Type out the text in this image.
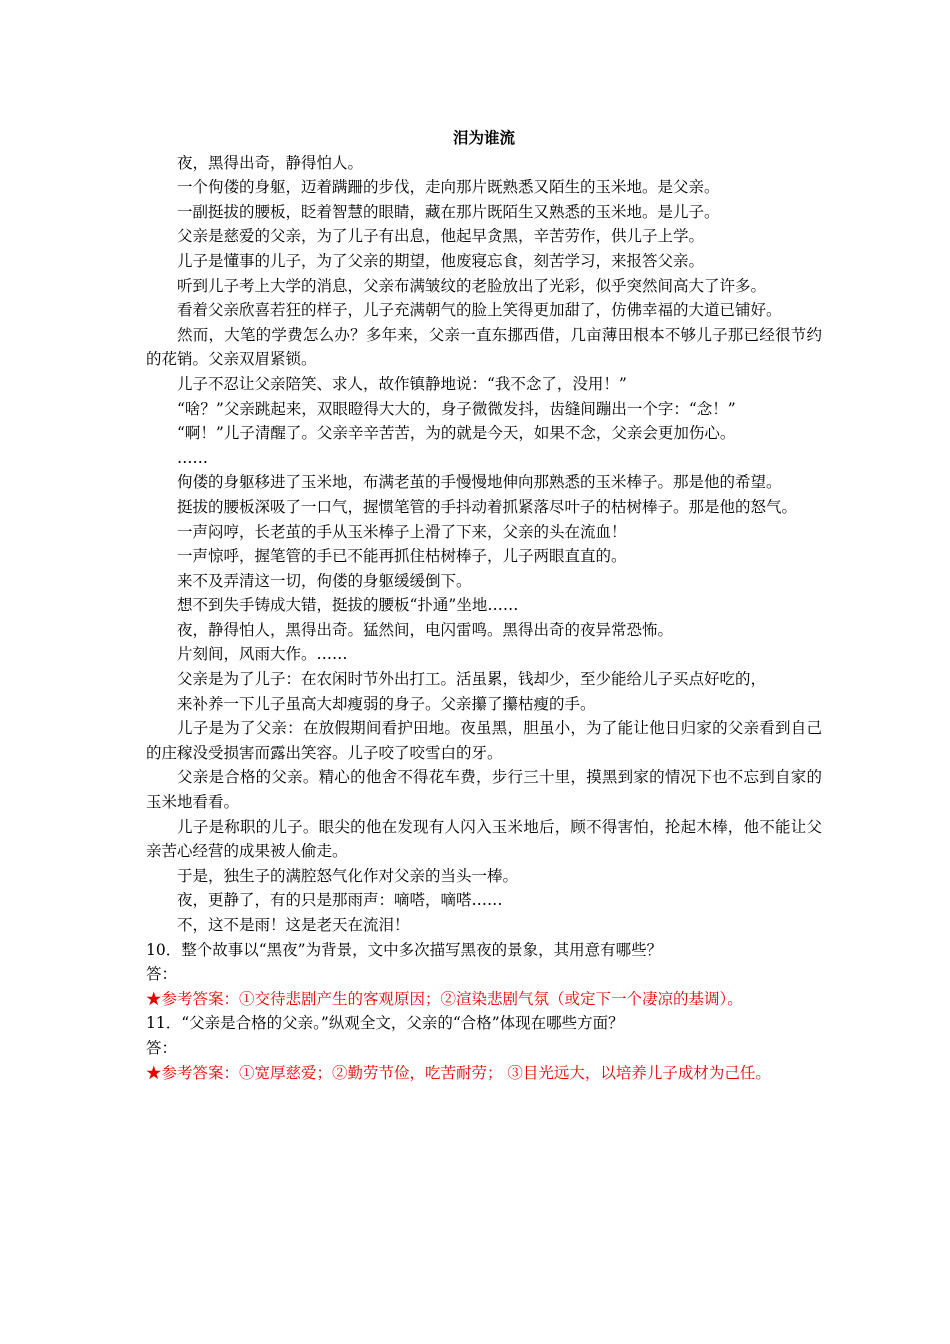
泪为谁流

夜，黑得出奇，静得怕人。

一个佝偻的身躯，迈着蹒跚的步伐，走向那片既熟悉又陌生的玉米地。是父亲。

一副挺拔的腰板，眨着智慧的眼睛，藏在那片既陌生又熟悉的玉米地。是儿子。

父亲是慈爱的父亲，为了儿子有出息，他起早贪黑，辛苦劳作，供儿子上学。

儿子是懂事的儿子，为了父亲的期望，他废寝忘食，刻苦学习，来报答父亲。

听到儿子考上大学的消息，父亲布满皱纹的老脸放出了光彩，似乎突然间高大了许多。

看着父亲欣喜若狂的样子，儿子充满朝气的脸上笑得更加甜了，仿佛幸福的大道已铺好。

然而，大笔的学费怎么办？多年来，父亲一直东挪西借，几亩薄田根本不够儿子那已经很节约的花销。父亲双眉紧锁。

儿子不忍让父亲陪笑、求人，故作镇静地说：“我不念了，没用！”

“啥？”父亲跳起来，双眼瞪得大大的，身子微微发抖，齿缝间蹦出一个字：“念！”

“啊！”儿子清醒了。父亲辛辛苦苦，为的就是今天，如果不念，父亲会更加伤心。

……

佝偻的身躯移进了玉米地，布满老茧的手慢慢地伸向那熟悉的玉米棒子。那是他的希望。

挺拔的腰板深吸了一口气，握惯笔管的手抖动着抓紧落尽叶子的枯树棒子。那是他的怒气。

一声闷哼，长老茧的手从玉米棒子上滑了下来，父亲的头在流血！

一声惊呼，握笔管的手已不能再抓住枯树棒子，儿子两眼直直的。

来不及弄清这一切，佝偻的身躯缓缓倒下。

想不到失手铸成大错，挺拔的腰板“扑通”坐地……

夜，静得怕人，黑得出奇。猛然间，电闪雷鸣。黑得出奇的夜异常恐怖。

片刻间，风雨大作。……

父亲是为了儿子：在农闲时节外出打工。活虽累，钱却少，至少能给儿子买点好吃的，

来补养一下儿子虽高大却瘦弱的身子。父亲攥了攥枯瘦的手。

儿子是为了父亲：在放假期间看护田地。夜虽黑，胆虽小，为了能让他日归家的父亲看到自己的庄稼没受损害而露出笑容。儿子咬了咬雪白的牙。

父亲是合格的父亲。精心的他舍不得花车费，步行三十里，摸黑到家的情况下也不忘到自家的玉米地看看。

儿子是称职的儿子。眼尖的他在发现有人闪入玉米地后，顾不得害怕，抡起木棒，他不能让父亲苦心经营的成果被人偷走。

于是，独生子的满腔怒气化作对父亲的当头一棒。

夜，更静了，有的只是那雨声：嘀嗒，嘀嗒……

不，这不是雨！这是老天在流泪！

10．整个故事以“黑夜”为背景，文中多次描写黑夜的景象，其用意有哪些？

答：

★参考答案：①交待悲剧产生的客观原因；②渲染悲剧气氛（或定下一个凄凉的基调）。

11．“父亲是合格的父亲。”纵观全文，父亲的“合格”体现在哪些方面？

答：

★参考答案：①宽厚慈爱；②勤劳节俭，吃苦耐劳； ③目光远大，以培养儿子成材为己任。
